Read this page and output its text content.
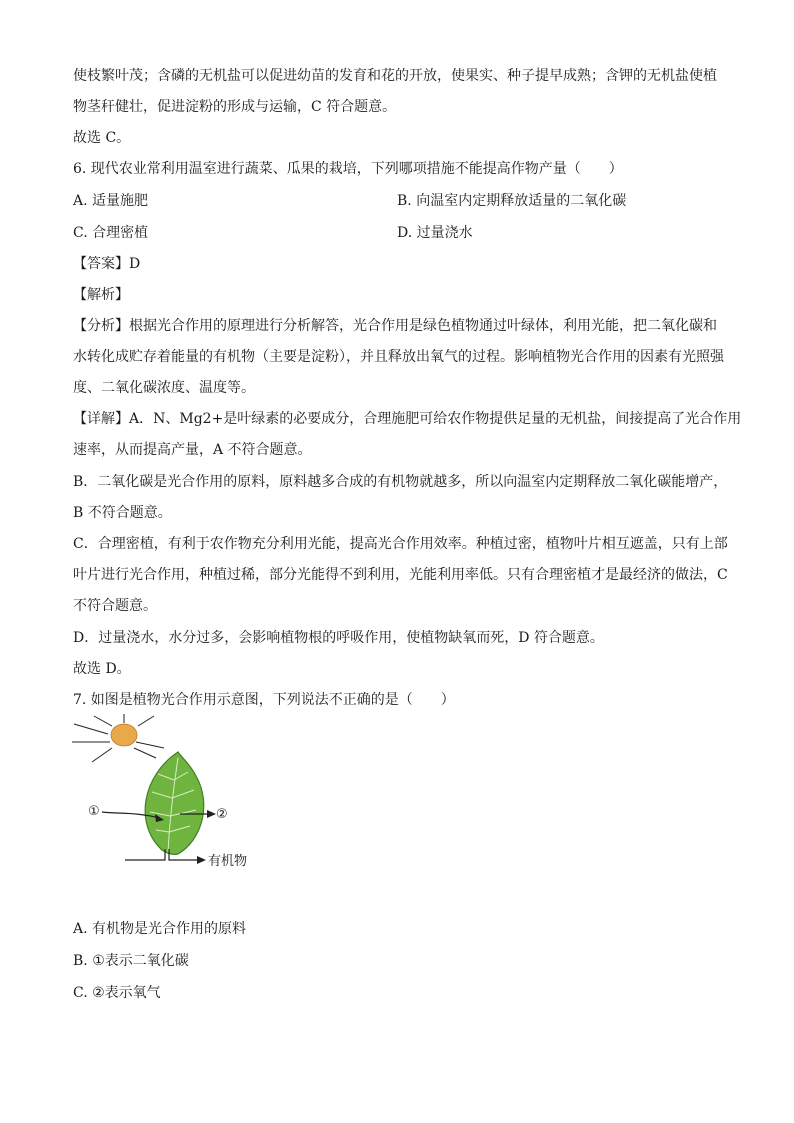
使枝繁叶茂；含磷的无机盐可以促进幼苗的发育和花的开放，使果实、种子提早成熟；含钾的无机盐使植
物茎秆健壮，促进淀粉的形成与运输，C 符合题意。
故选 C。
6. 现代农业常利用温室进行蔬菜、瓜果的栽培，下列哪项措施不能提高作物产量（　　）
A. 适量施肥	B. 向温室内定期释放适量的二氧化碳
C. 合理密植	D. 过量浇水
【答案】D
【解析】
【分析】根据光合作用的原理进行分析解答，光合作用是绿色植物通过叶绿体，利用光能，把二氧化碳和
水转化成贮存着能量的有机物（主要是淀粉），并且释放出氧气的过程。影响植物光合作用的因素有光照强
度、二氧化碳浓度、温度等。
【详解】A．N、Mg2+是叶绿素的必要成分，合理施肥可给农作物提供足量的无机盐，间接提高了光合作用
速率，从而提高产量，A 不符合题意。
B．二氧化碳是光合作用的原料，原料越多合成的有机物就越多，所以向温室内定期释放二氧化碳能增产，
B 不符合题意。
C．合理密植，有利于农作物充分利用光能，提高光合作用效率。种植过密，植物叶片相互遮盖，只有上部
叶片进行光合作用，种植过稀，部分光能得不到利用，光能利用率低。只有合理密植才是最经济的做法，C
不符合题意。
D．过量浇水，水分过多，会影响植物根的呼吸作用，使植物缺氧而死，D 符合题意。
故选 D。
7. 如图是植物光合作用示意图，下列说法不正确的是（　　）
①	②
有机物
A. 有机物是光合作用的原料
B. ①表示二氧化碳
C. ②表示氧气
